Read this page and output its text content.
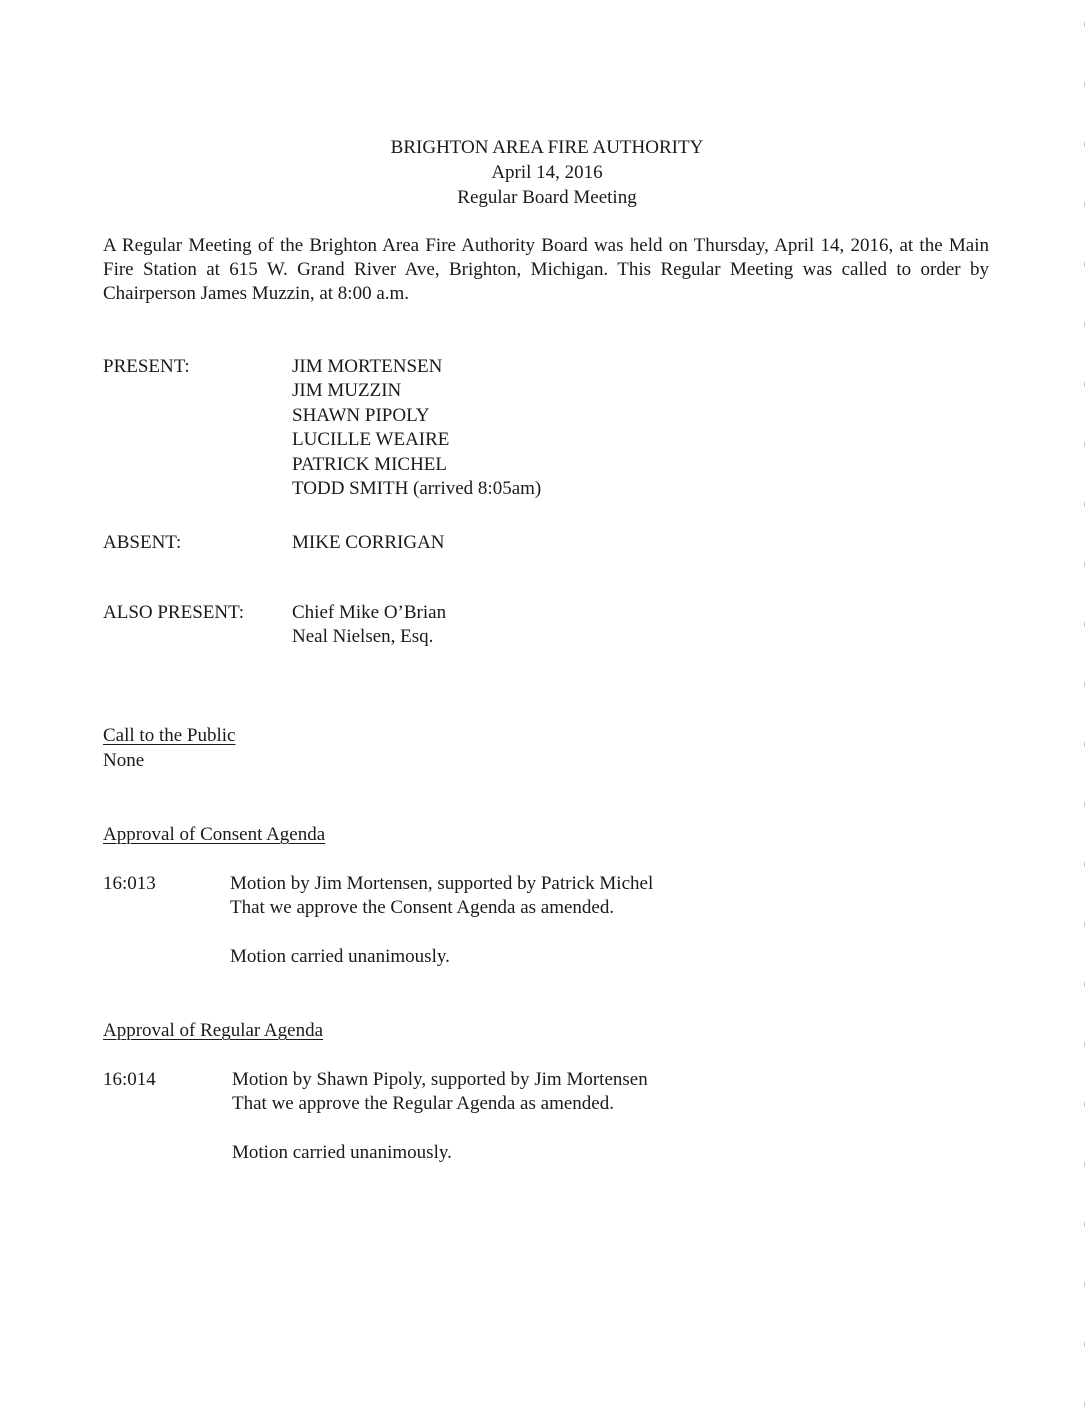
BRIGHTON AREA FIRE AUTHORITY
April 14, 2016
Regular Board Meeting
A Regular Meeting of the Brighton Area Fire Authority Board was held on Thursday, April 14, 2016, at the Main Fire Station at 615 W. Grand River Ave, Brighton, Michigan. This Regular Meeting was called to order by Chairperson James Muzzin, at 8:00 a.m.
PRESENT:	JIM MORTENSEN
JIM MUZZIN
SHAWN PIPOLY
LUCILLE WEAIRE
PATRICK MICHEL
TODD SMITH (arrived 8:05am)
ABSENT:	MIKE CORRIGAN
ALSO PRESENT:	Chief Mike O’Brian
Neal Nielsen, Esq.
Call to the Public
None
Approval of Consent Agenda
16:013	Motion by Jim Mortensen, supported by Patrick Michel
That we approve the Consent Agenda as amended.
Motion carried unanimously.
Approval of Regular Agenda
16:014	Motion by Shawn Pipoly, supported by Jim Mortensen
That we approve the Regular Agenda as amended.
Motion carried unanimously.
